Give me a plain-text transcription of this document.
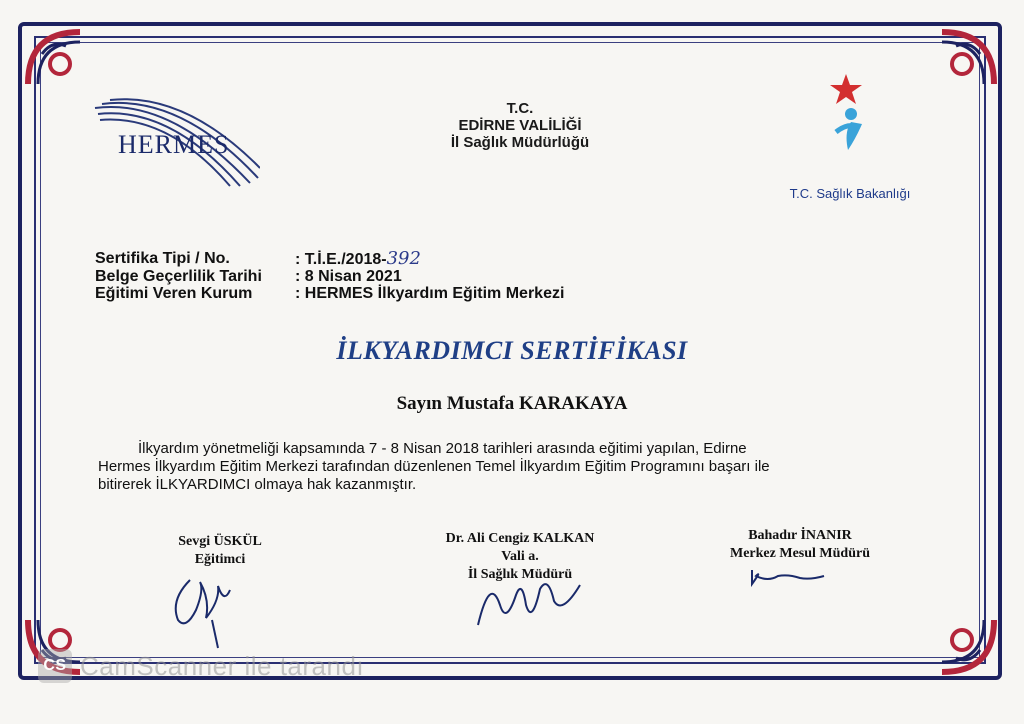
HERMES
T.C.
EDİRNE VALİLİĞİ
İl Sağlık Müdürlüğü
T.C. Sağlık Bakanlığı
Sertifika Tipi / No.	: T.İ.E./2018-392
Belge Geçerlilik Tarihi	: 8 Nisan 2021
Eğitimi Veren Kurum	: HERMES İlkyardım Eğitim Merkezi
İLKYARDIMCI SERTİFİKASI
Sayın Mustafa KARAKAYA
İlkyardım yönetmeliği kapsamında 7 - 8 Nisan 2018 tarihleri arasında eğitimi yapılan, Edirne
Hermes İlkyardım Eğitim Merkezi tarafından düzenlenen Temel İlkyardım Eğitim Programını başarı ile
bitirerek İLKYARDIMCI olmaya hak kazanmıştır.
Sevgi ÜSKÜL
Eğitimci
Dr. Ali Cengiz KALKAN
Vali a.
İl Sağlık Müdürü
Bahadır İNANIR
Merkez Mesul Müdürü
CS CamScanner ile tarandı
